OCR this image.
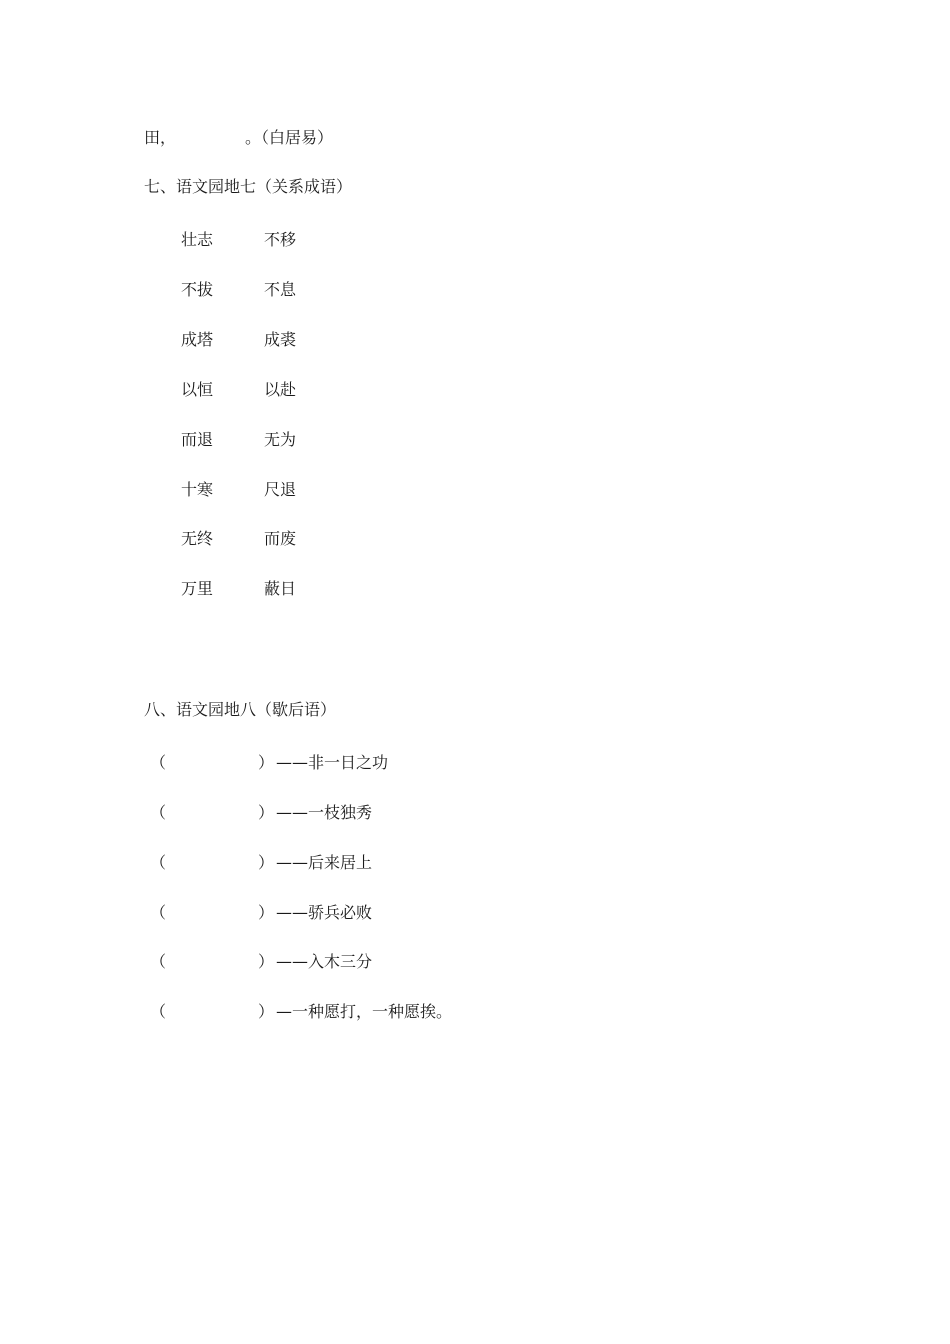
田，	。（白居易）
七、语文园地七（关系成语）
壮志	不移
不拔	不息
成塔	成裘
以恒	以赴
而退	无为
十寒	尺退
无终	而废
万里	蔽日
八、语文园地八（歇后语）
（	） ——非一日之功
（	） ——一枝独秀
（	） ——后来居上
（	） ——骄兵必败
（	） ——入木三分
（	） —一种愿打，一种愿挨。
